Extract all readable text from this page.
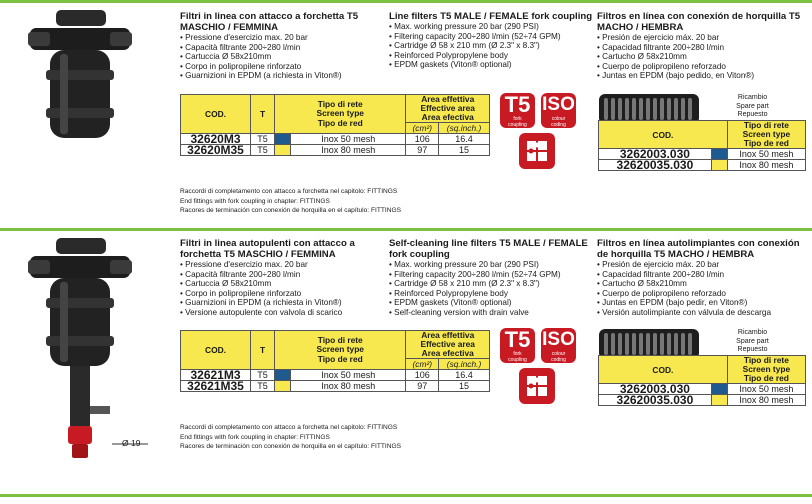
Filtri in linea con attacco a forchetta T5 MASCHIO / FEMMINA
• Pressione d'esercizio max. 20 bar
• Capacità filtrante 200÷280 l/min
• Cartuccia Ø 58x210mm
• Corpo in polipropilene rinforzato
• Guarnizioni in EPDM (a richiesta in Viton®)
Line filters T5 MALE / FEMALE fork coupling
• Max. working pressure 20 bar (290 PSI)
• Filtering capacity 200÷280 l/min (52÷74 GPM)
• Cartridge Ø 58 x 210 mm (Ø 2.3" x 8.3")
• Reinforced Polypropylene body
• EPDM gaskets (Viton® optional)
Filtros en línea con conexión de horquilla T5 MACHO / HEMBRA
• Presión de ejercicio máx. 20 bar
• Capacidad filtrante 200÷280 l/min
• Cartucho Ø 58x210mm
• Cuerpo de polipropileno reforzado
• Juntas en EPDM (bajo pedido, en Viton®)
COD.	T	Tipo di rete
Screen type
Tipo de red		Area effettiva
Effective area
Area efectiva	
				(cm²)	(sq.inch.)
32620M3	T5		Inox 50 mesh	106	16.4
32620M35	T5		Inox 80 mesh	97	15
T5
fork
coupling
ISO
colour
coding
Ricambio
Spare part
Repuesto
COD.		Tipo di rete
Screen type
Tipo de red
3262003.030		Inox 50 mesh
32620035.030		Inox 80 mesh
Raccordi di completamento con attacco a forchetta nel capitolo: FITTINGS
End fittings with fork coupling in chapter: FITTINGS
Racores de terminación con conexión de horquilla en el capítulo: FITTINGS
Ø 19
Filtri in linea autopulenti con attacco a forchetta T5 MASCHIO / FEMMINA
• Pressione d'esercizio max. 20 bar
• Capacità filtrante 200÷280 l/min
• Cartuccia Ø 58x210mm
• Corpo in polipropilene rinforzato
• Guarnizioni in EPDM (a richiesta in Viton®)
• Versione autopulente con valvola di scarico
Self-cleaning line filters T5 MALE / FEMALE fork coupling
• Max. working pressure 20 bar (290 PSI)
• Filtering capacity 200÷280 l/min (52÷74 GPM)
• Cartridge Ø 58 x 210 mm (Ø 2.3" x 8.3")
• Reinforced Polypropylene body
• EPDM gaskets (Viton® optional)
• Self-cleaning version with drain valve
Filtros en línea autolimpiantes con conexión de horquilla T5 MACHO / HEMBRA
• Presión de ejercicio máx. 20 bar
• Capacidad filtrante 200÷280 l/min
• Cartucho Ø 58x210mm
• Cuerpo de polipropileno reforzado
• Juntas en EPDM (bajo pedir, en Viton®)
• Versión autolimpiante con válvula de descarga
COD.	T	Tipo di rete
Screen type
Tipo de red		Area effettiva
Effective area
Area efectiva	
				(cm²)	(sq.inch.)
32621M3	T5		Inox 50 mesh	106	16.4
32621M35	T5		Inox 80 mesh	97	15
T5
fork
coupling
ISO
colour
coding
Ricambio
Spare part
Repuesto
COD.		Tipo di rete
Screen type
Tipo de red
3262003.030		Inox 50 mesh
32620035.030		Inox 80 mesh
Raccordi di completamento con attacco a forchetta nel capitolo: FITTINGS
End fittings with fork coupling in chapter: FITTINGS
Racores de terminación con conexión de horquilla en el capítulo: FITTINGS
